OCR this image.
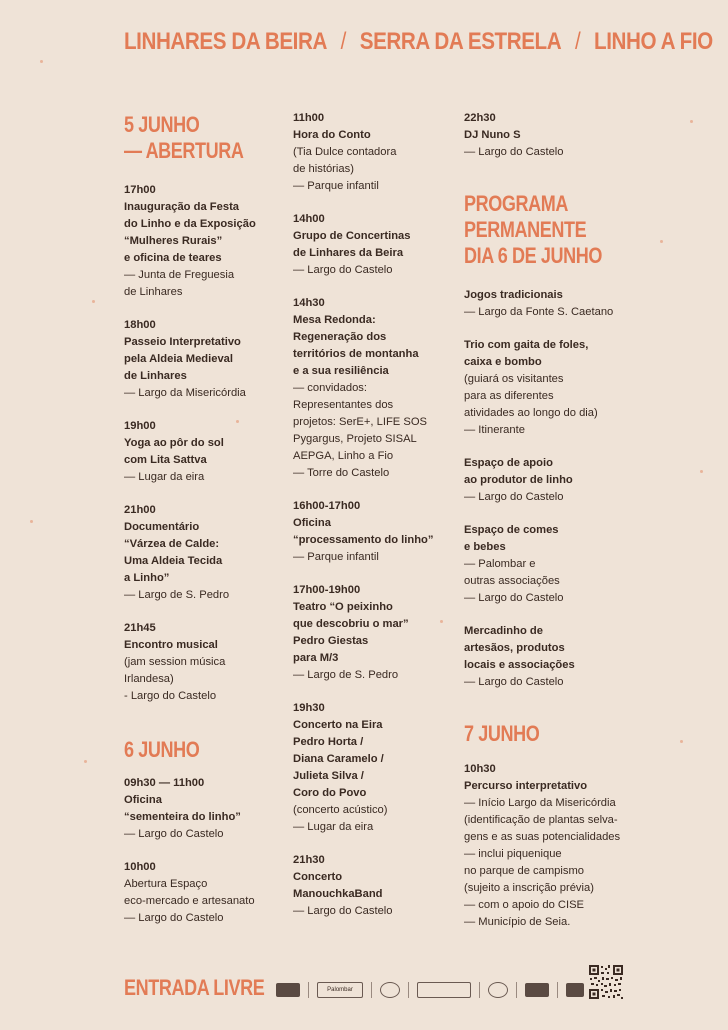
LINHARES DA BEIRA / SERRA DA ESTRELA / LINHO A FIO
5 JUNHO
— ABERTURA
17h00
Inauguração da Festa
do Linho e da Exposição
“Mulheres Rurais”
e oficina de teares
— Junta de Freguesia
de Linhares
18h00
Passeio Interpretativo
pela Aldeia Medieval
de Linhares
— Largo da Misericórdia
19h00
Yoga ao pôr do sol
com Lita Sattva
— Lugar da eira
21h00
Documentário
“Várzea de Calde:
Uma Aldeia Tecida
a Linho”
— Largo de S. Pedro
21h45
Encontro musical
(jam session música
Irlandesa)
- Largo do Castelo
6 JUNHO
09h30 — 11h00
Oficina
“sementeira do linho”
— Largo do Castelo
10h00
Abertura Espaço
eco-mercado e artesanato
— Largo do Castelo
11h00
Hora do Conto
(Tia Dulce contadora
de histórias)
— Parque infantil
14h00
Grupo de Concertinas
de Linhares da Beira
— Largo do Castelo
14h30
Mesa Redonda:
Regeneração dos
territórios de montanha
e a sua resiliência
— convidados:
Representantes dos
projetos: SerE+, LIFE SOS
Pygargus, Projeto SISAL
AEPGA, Linho a Fio
— Torre do Castelo
16h00-17h00
Oficina
“processamento do linho”
— Parque infantil
17h00-19h00
Teatro “O peixinho
que descobriu o mar”
Pedro Giestas
para M/3
— Largo de S. Pedro
19h30
Concerto na Eira
Pedro Horta /
Diana Caramelo /
Julieta Silva /
Coro do Povo
(concerto acústico)
— Lugar da eira
21h30
Concerto
ManouchkaBand
— Largo do Castelo
22h30
DJ Nuno S
— Largo do Castelo
PROGRAMA
PERMANENTE
DIA 6 DE JUNHO
Jogos tradicionais
— Largo da Fonte S. Caetano
Trio com gaita de foles,
caixa e bombo
(guiará os visitantes
para as diferentes
atividades ao longo do dia)
— Itinerante
Espaço de apoio
ao produtor de linho
— Largo do Castelo
Espaço de comes
e bebes
— Palombar e
outras associações
— Largo do Castelo
Mercadinho de
artesãos, produtos
locais e associações
— Largo do Castelo
7 JUNHO
10h30
Percurso interpretativo
— Início Largo da Misericórdia
(identificação de plantas selva-
gens e as suas potencialidades
— inclui piquenique
no parque de campismo
(sujeito a inscrição prévia)
— com o apoio do CISE
— Município de Seia.
ENTRADA LIVRE	Palombar
